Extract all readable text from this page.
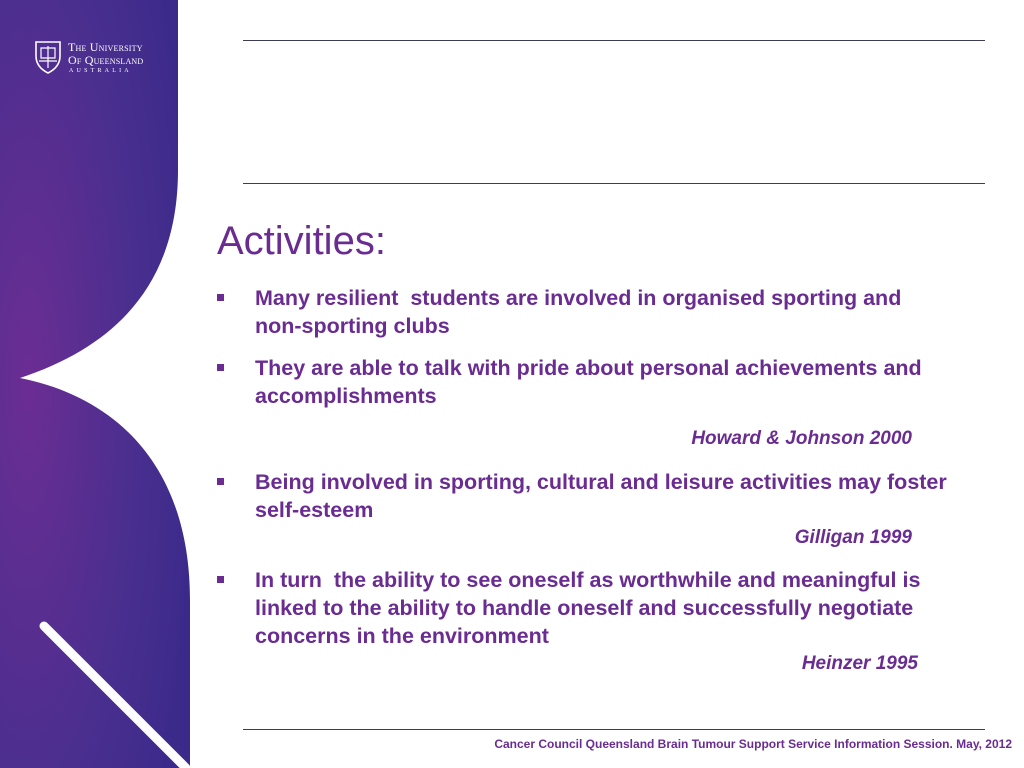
The University
Of Queensland
AUSTRALIA
Activities:
Many resilient  students are involved in organised sporting and non-sporting clubs
They are able to talk with pride about personal achievements and accomplishments
Howard & Johnson 2000
Being involved in sporting, cultural and leisure activities may foster self-esteem
Gilligan 1999
In turn  the ability to see oneself as worthwhile and meaningful is linked to the ability to handle oneself and successfully negotiate concerns in the environment
Heinzer 1995
Cancer Council Queensland Brain Tumour Support Service Information Session. May, 2012
